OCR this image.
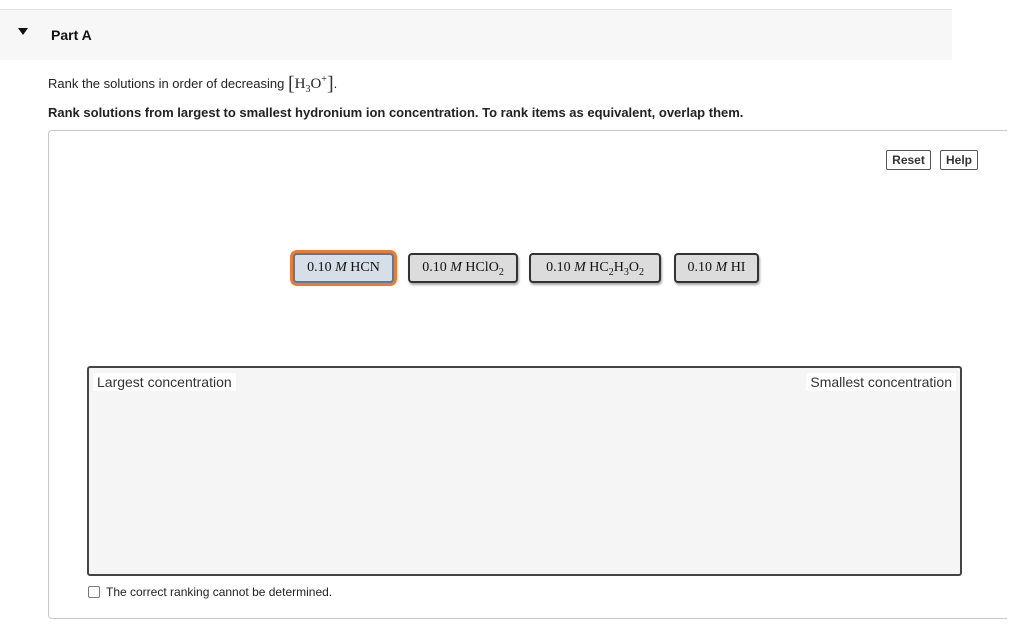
Part A
Rank the solutions in order of decreasing $[H_3O^+]$.
Rank solutions from largest to smallest hydronium ion concentration. To rank items as equivalent, overlap them.
Reset	Help
0.10 M HCN	0.10 M HClO$_2$	0.10 M $HC_2H_3O_2$	0.10 M HI
Largest concentration	Smallest concentration
The correct ranking cannot be determined.
